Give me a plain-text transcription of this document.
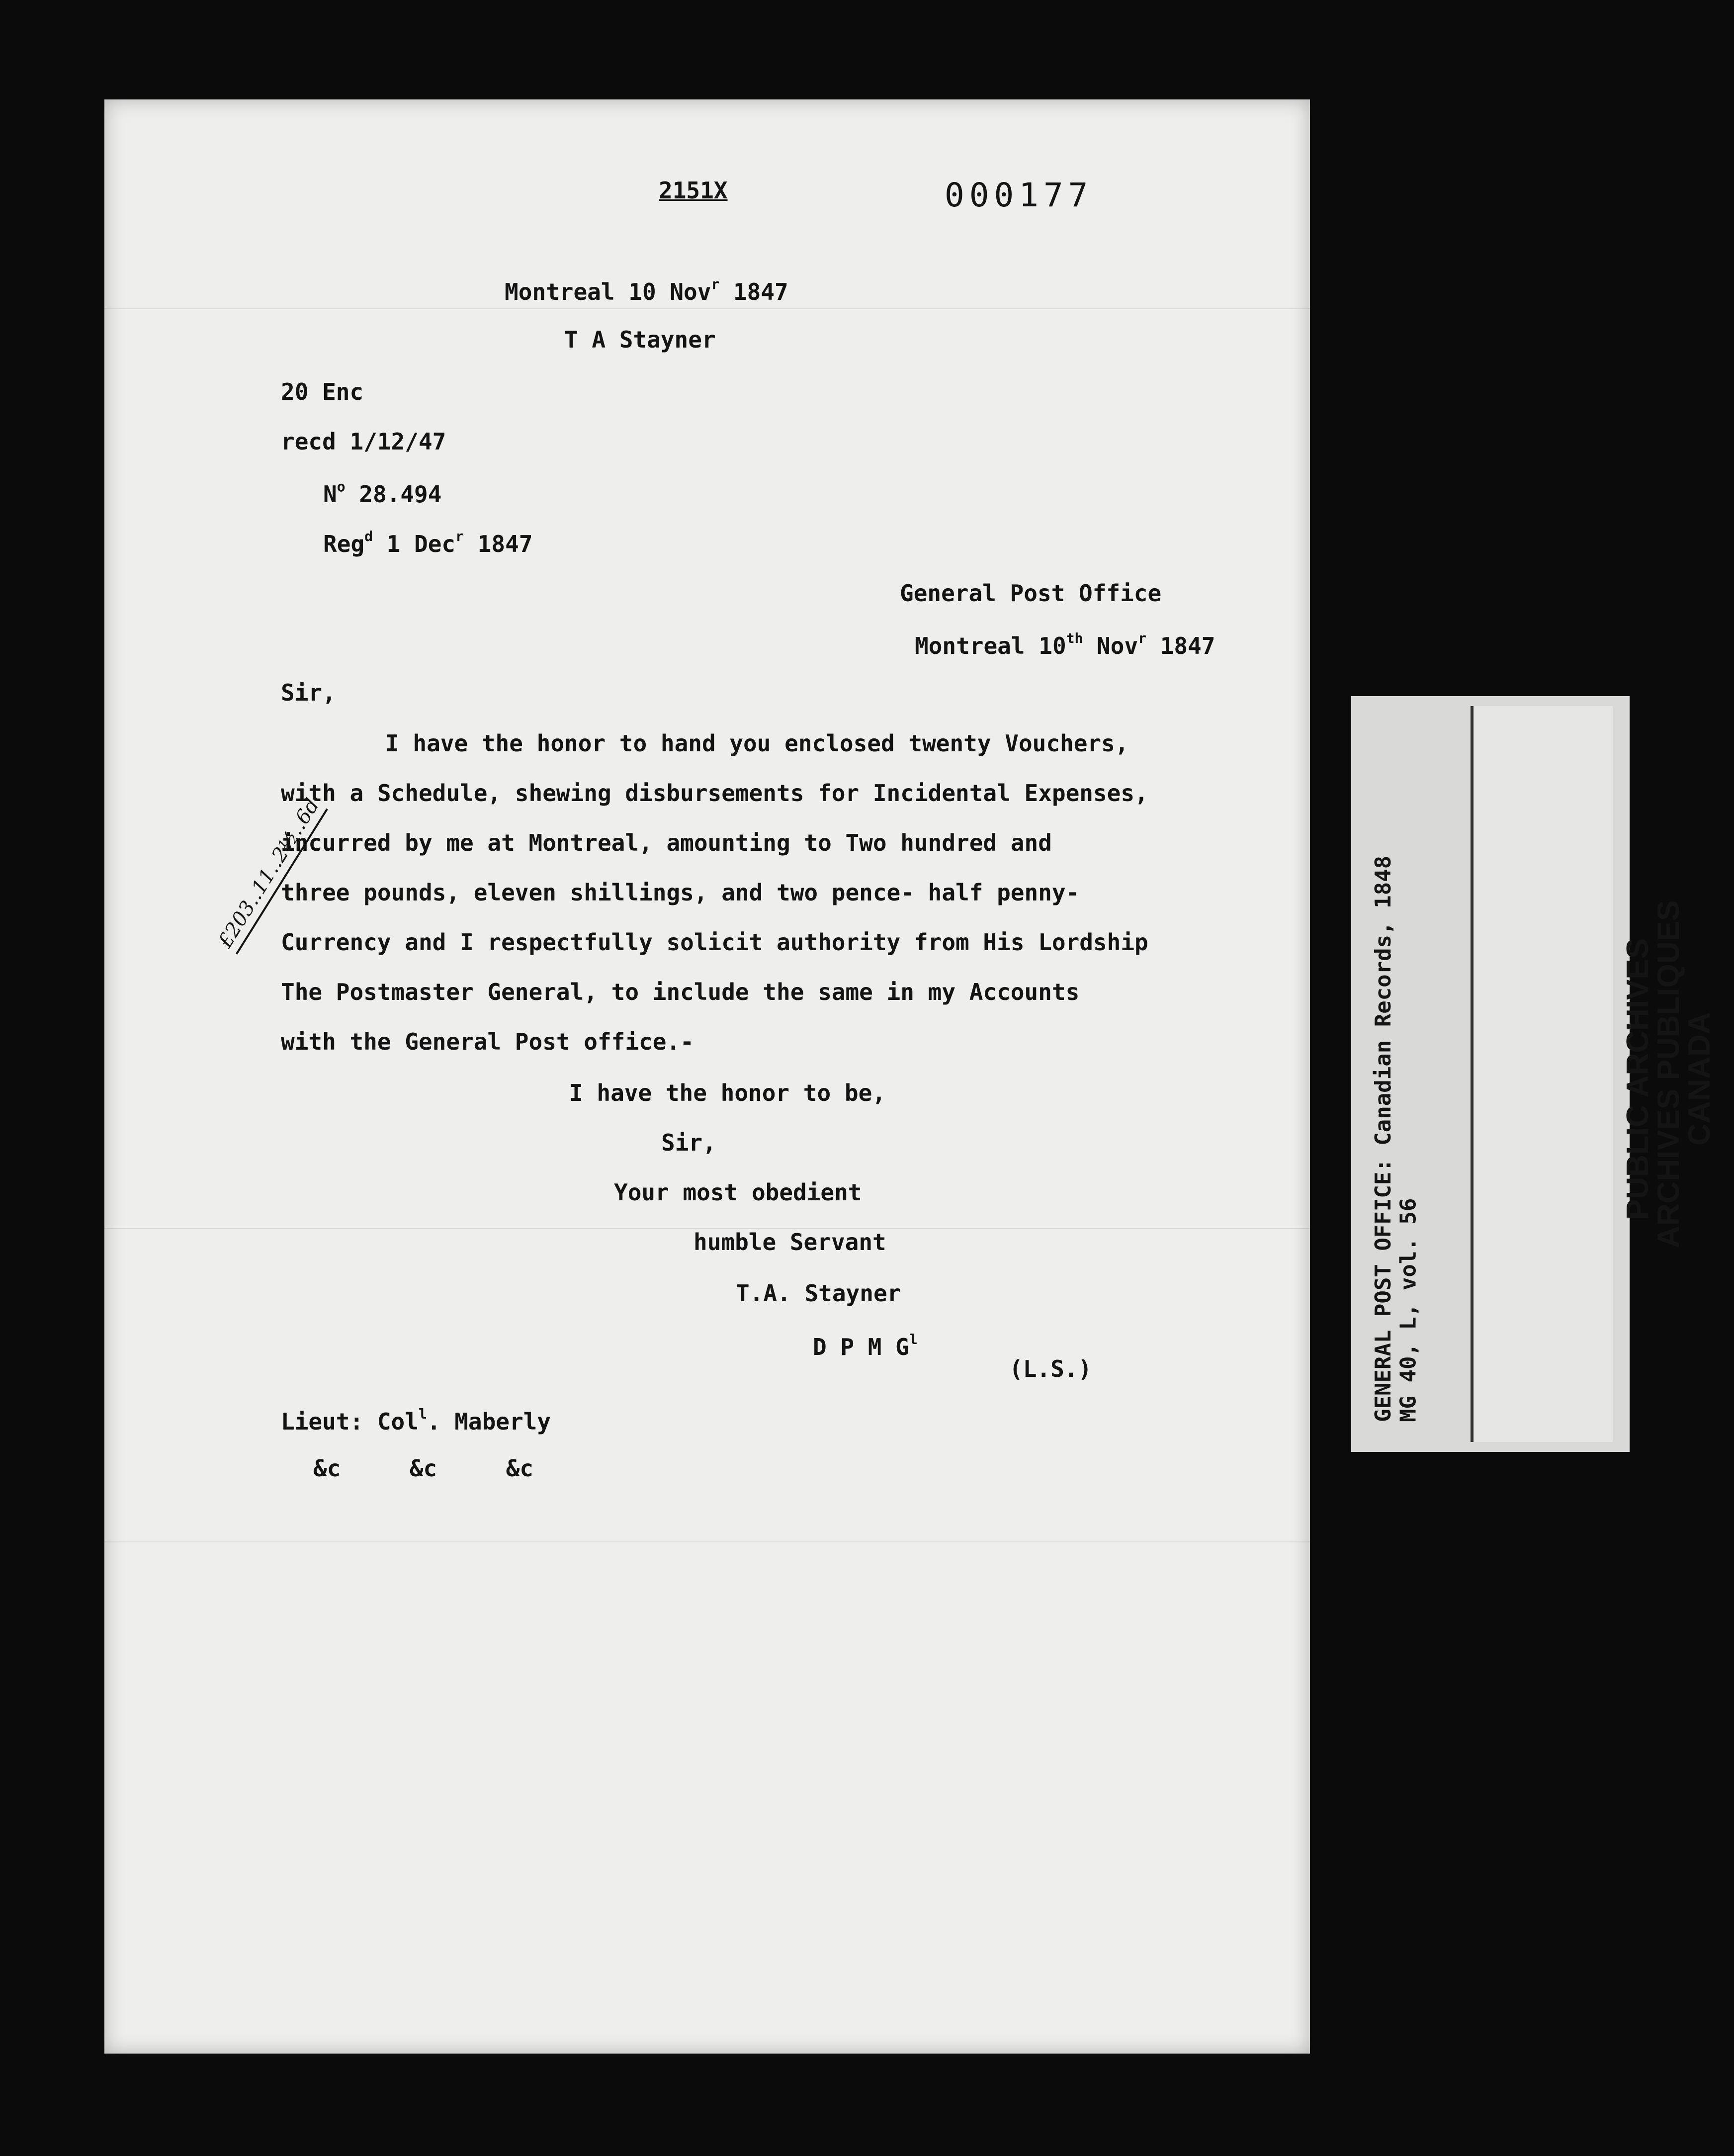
2151X	000177
Montreal 10 Nov$^r$ 1847
T A Stayner
20 Enc
recd 1/12/47
$N^o$ 28.494
Reg$^d$ 1 Dec$^r$ 1847
General Post Office
Montreal 10th Nov$^r$ 1847
£203..11..2½..6d
Sir,
I have the honor to hand you enclosed twenty Vouchers,
with a Schedule, shewing disbursements for Incidental Expenses,
incurred by me at Montreal, amounting to Two hundred and
three pounds, eleven shillings, and two pence- half penny-
Currency and I respectfully solicit authority from His Lordship
The Postmaster General, to include the same in my Accounts
with the General Post office.-
I have the honor to be,
Sir,
Your most obedient
humble Servant
T.A. Stayner
D P M $G^l$
(L.S.)
Lieut: Col$^l$. Maberly
&c     &c     &c
GENERAL POST OFFICE: Canadian Records, 1848
MG 40, L, vol. 56
PUBLIC ARCHIVES
ARCHIVES PUBLIQUES
CANADA
